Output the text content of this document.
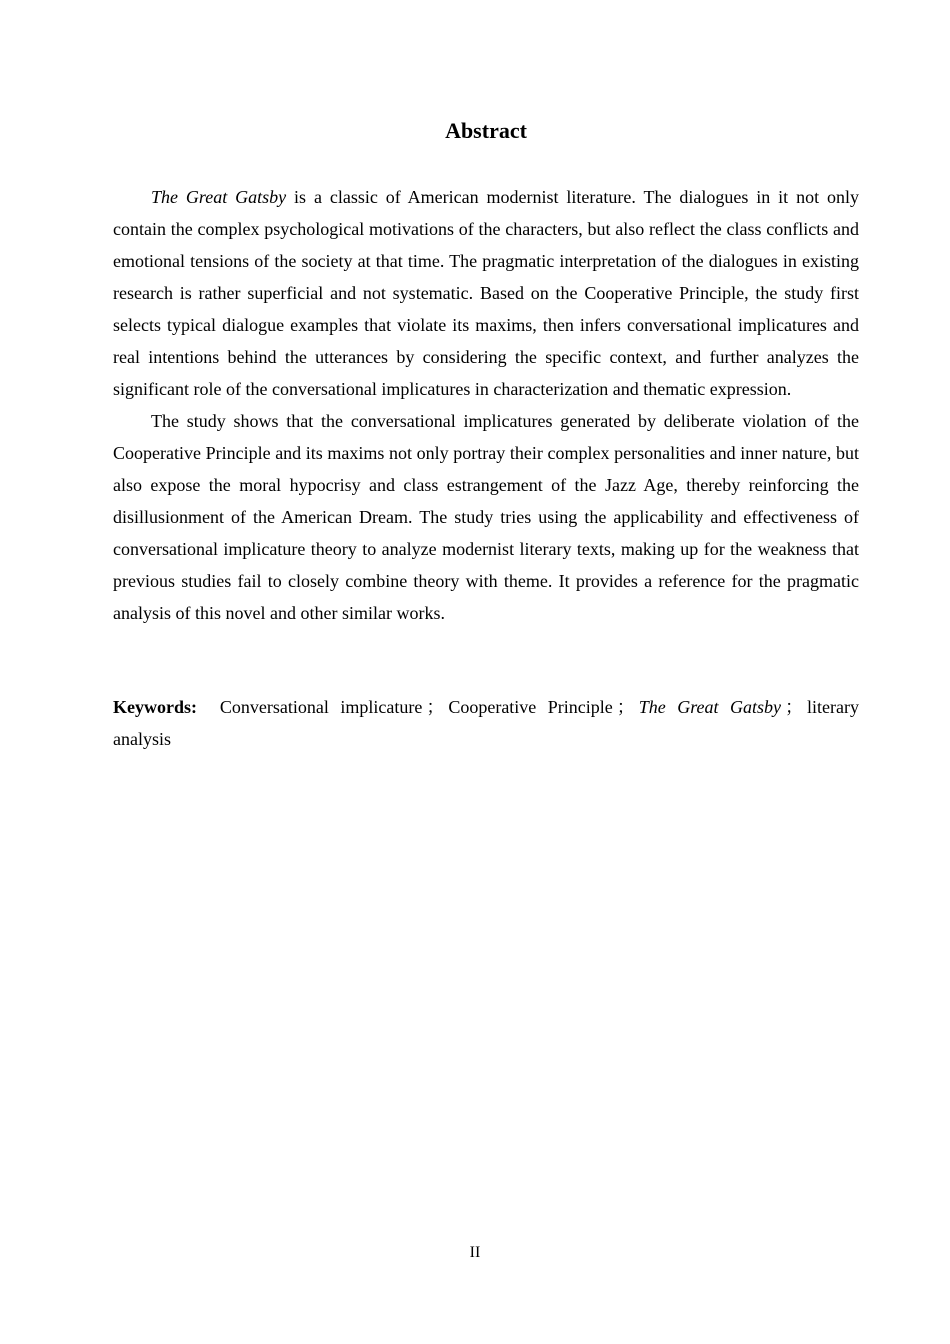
Abstract

The Great Gatsby is a classic of American modernist literature. The dialogues in it not only contain the complex psychological motivations of the characters, but also reflect the class conflicts and emotional tensions of the society at that time. The pragmatic interpretation of the dialogues in existing research is rather superficial and not systematic. Based on the Cooperative Principle, the study first selects typical dialogue examples that violate its maxims, then infers conversational implicatures and real intentions behind the utterances by considering the specific context, and further analyzes the significant role of the conversational implicatures in characterization and thematic expression.

The study shows that the conversational implicatures generated by deliberate violation of the Cooperative Principle and its maxims not only portray their complex personalities and inner nature, but also expose the moral hypocrisy and class estrangement of the Jazz Age, thereby reinforcing the disillusionment of the American Dream. The study tries using the applicability and effectiveness of conversational implicature theory to analyze modernist literary texts, making up for the weakness that previous studies fail to closely combine theory with theme. It provides a reference for the pragmatic analysis of this novel and other similar works.

Keywords: Conversational implicature ； Cooperative Principle ； The Great Gatsby ； literary analysis

II
